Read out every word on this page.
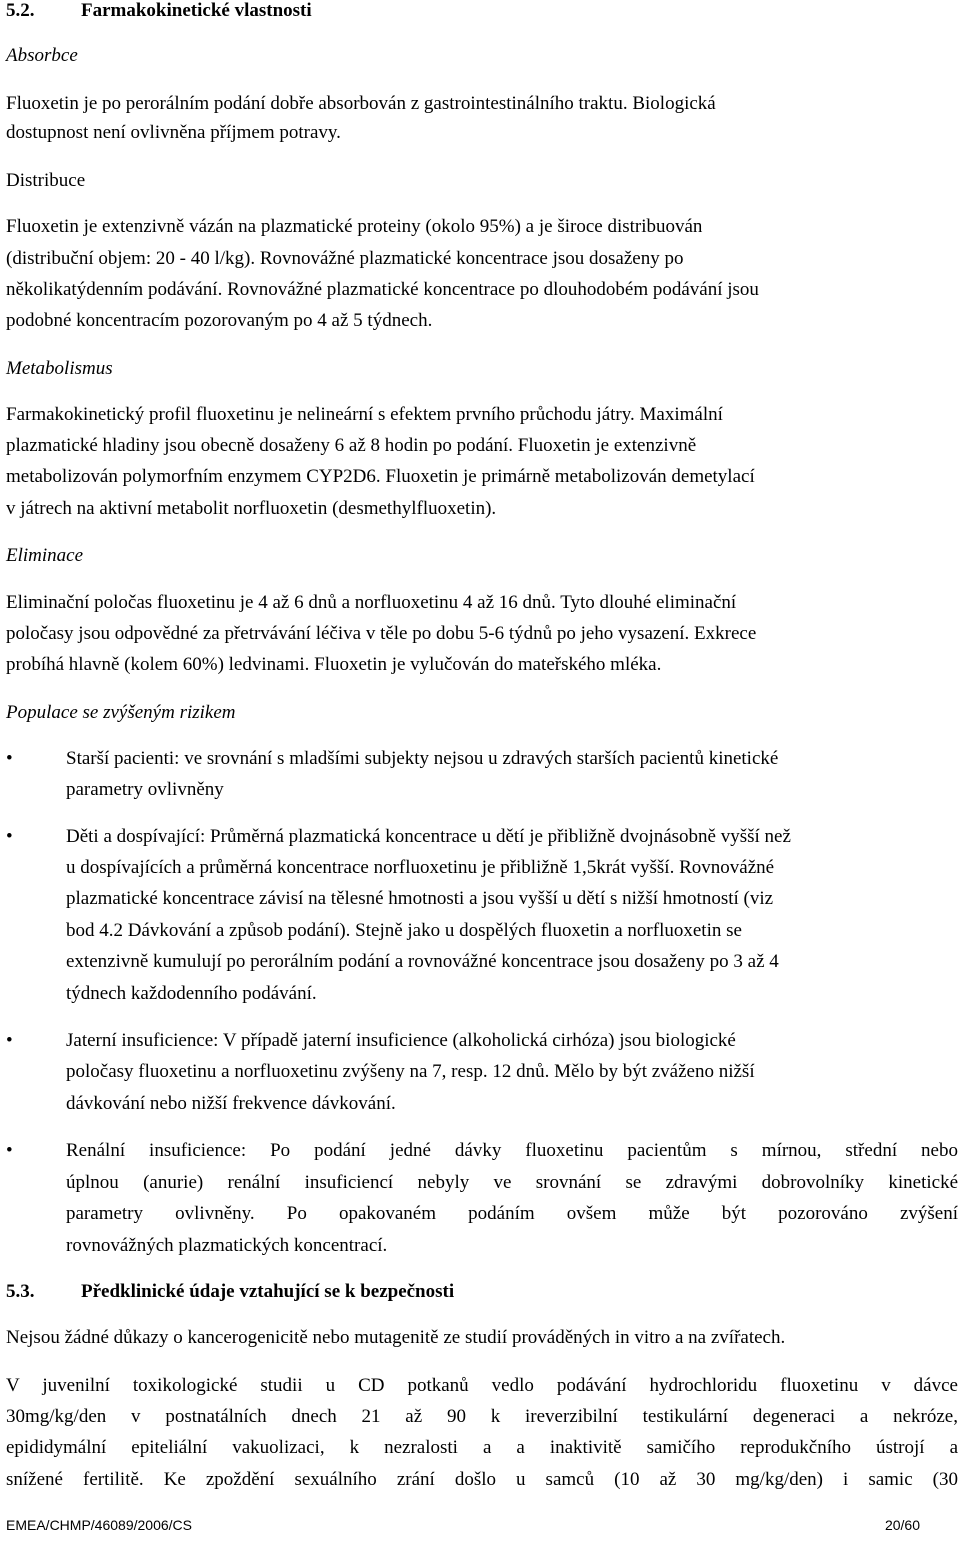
5.2. Farmakokinetické vlastnosti
Absorbce
Fluoxetin je po perorálním podání dobře absorbován z gastrointestinálního traktu. Biologická
dostupnost není ovlivněna příjmem potravy.
Distribuce
Fluoxetin je extenzivně vázán na plazmatické proteiny (okolo 95%) a je široce distribuován
(distribuční objem: 20 - 40 l/kg). Rovnovážné plazmatické koncentrace jsou dosaženy po
několikatýdenním podávání. Rovnovážné plazmatické koncentrace po dlouhodobém podávání jsou
podobné koncentracím pozorovaným po 4 až 5 týdnech.
Metabolismus
Farmakokinetický profil fluoxetinu je nelineární s efektem prvního průchodu játry. Maximální
plazmatické hladiny jsou obecně dosaženy 6 až 8 hodin po podání. Fluoxetin je extenzivně
metabolizován polymorfním enzymem CYP2D6. Fluoxetin je primárně metabolizován demetylací
v játrech na aktivní metabolit norfluoxetin (desmethylfluoxetin).
Eliminace
Eliminační poločas fluoxetinu je 4 až 6 dnů a norfluoxetinu 4 až 16 dnů. Tyto dlouhé eliminační
poločasy jsou odpovědné za přetrvávání léčiva v těle po dobu 5-6 týdnů po jeho vysazení. Exkrece
probíhá hlavně (kolem 60%) ledvinami. Fluoxetin je vylučován do mateřského mléka.
Populace se zvýšeným rizikem
•	Starší pacienti: ve srovnání s mladšími subjekty nejsou u zdravých starších pacientů kinetické
parametry ovlivněny
•	Děti a dospívající: Průměrná plazmatická koncentrace u dětí je přibližně dvojnásobně vyšší než
u dospívajících a průměrná koncentrace norfluoxetinu je přibližně 1,5krát vyšší. Rovnovážné
plazmatické koncentrace závisí na tělesné hmotnosti a jsou vyšší u dětí s nižší hmotností (viz
bod 4.2 Dávkování a způsob podání). Stejně jako u dospělých fluoxetin a norfluoxetin se
extenzivně kumulují po perorálním podání a rovnovážné koncentrace jsou dosaženy po 3 až 4
týdnech každodenního podávání.
•	Jaterní insuficience: V případě jaterní insuficience (alkoholická cirhóza) jsou biologické
poločasy fluoxetinu a norfluoxetinu zvýšeny na 7, resp. 12 dnů. Mělo by být zváženo nižší
dávkování nebo nižší frekvence dávkování.
•	Renální insuficience: Po podání jedné dávky fluoxetinu pacientům s mírnou, střední nebo
úplnou (anurie) renální insuficiencí nebyly ve srovnání se zdravými dobrovolníky kinetické
parametry ovlivněny. Po opakovaném podáním ovšem může být pozorováno zvýšení
rovnovážných plazmatických koncentrací.
5.3. Předklinické údaje vztahující se k bezpečnosti
Nejsou žádné důkazy o kancerogenicitě nebo mutagenitě ze studií prováděných in vitro a na zvířatech.
V juvenilní toxikologické studii u CD potkanů vedlo podávání hydrochloridu fluoxetinu v dávce
30mg/kg/den v postnatálních dnech 21 až 90 k ireverzibilní testikulární degeneraci a nekróze,
epididymální epiteliální vakuolizaci, k nezralosti a a inaktivitě samičího reprodukčního ústrojí a
snížené fertilitě. Ke zpoždění sexuálního zrání došlo u samců (10 až 30 mg/kg/den) i samic (30
EMEA/CHMP/46089/2006/CS	20/60
